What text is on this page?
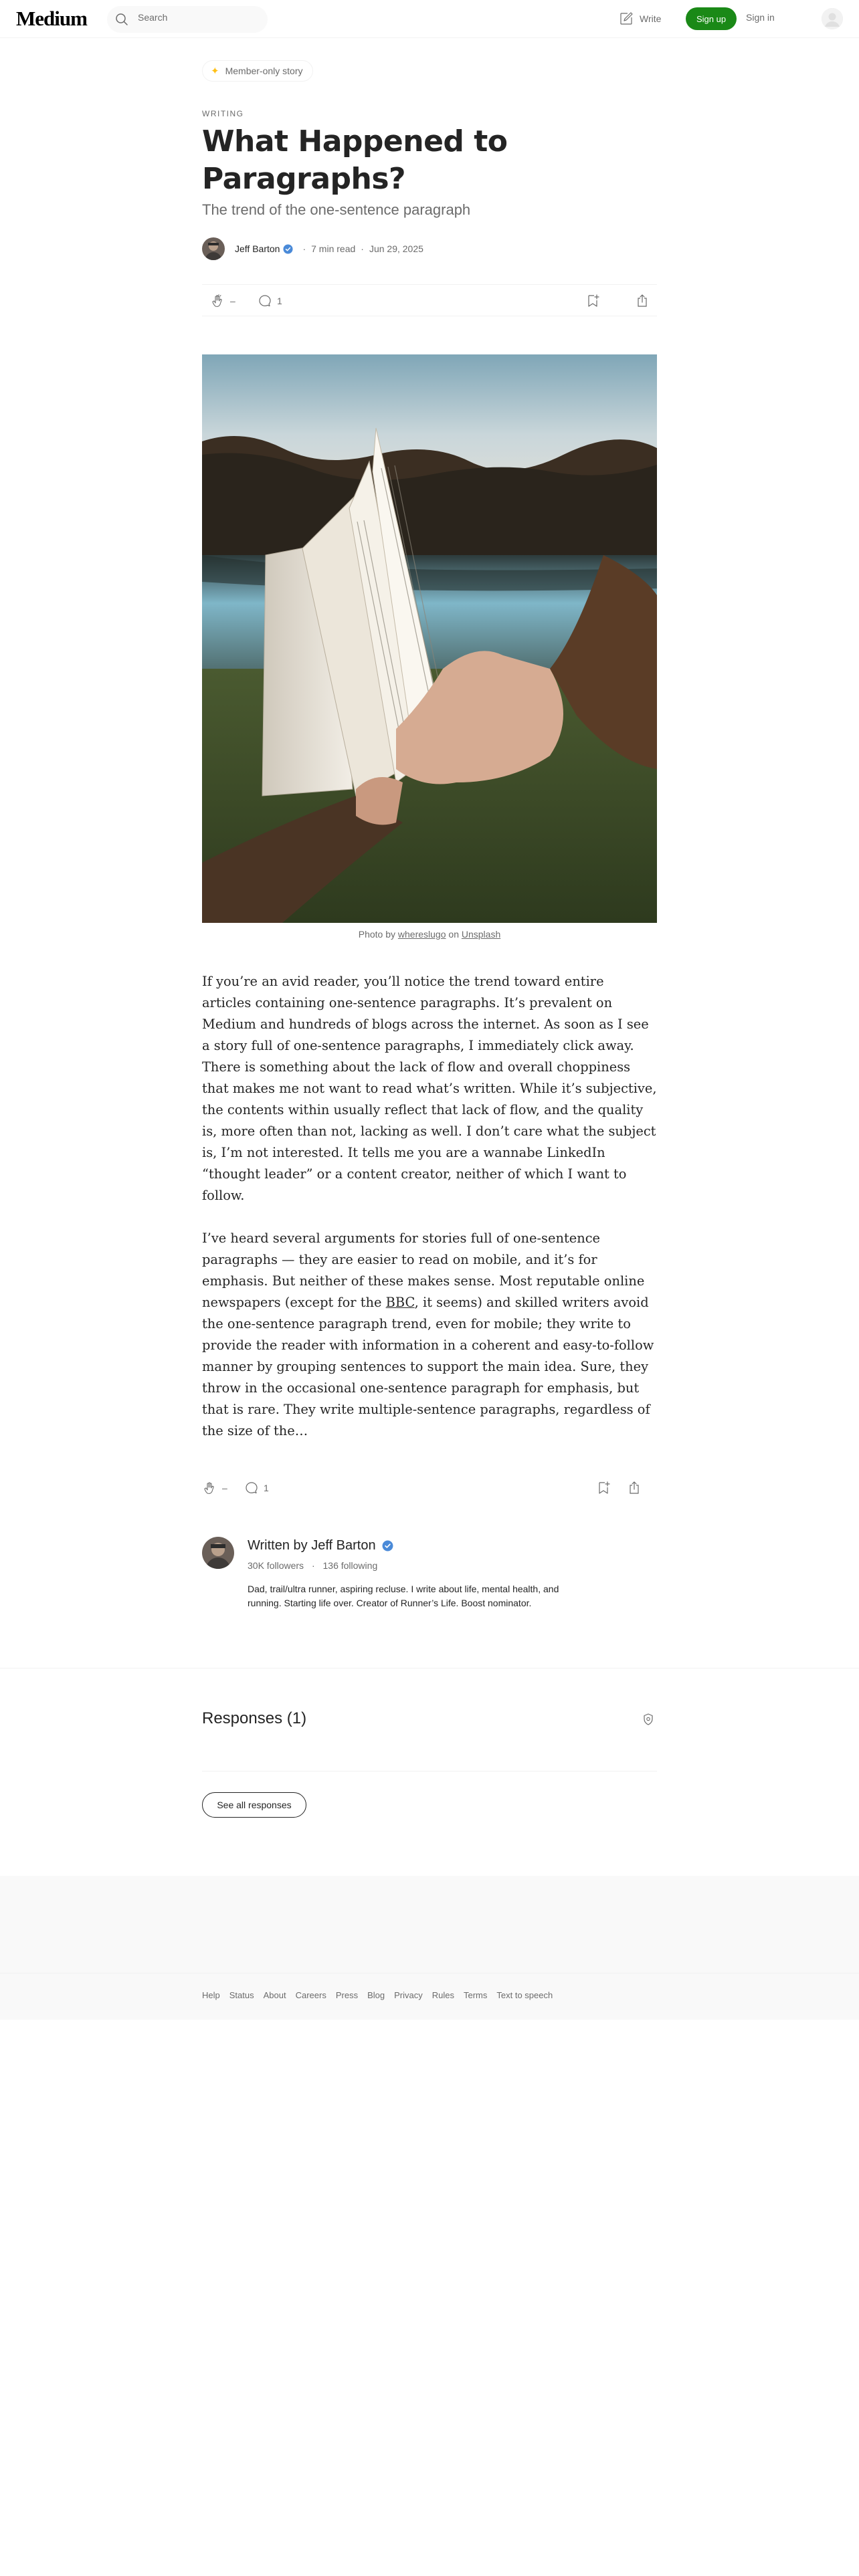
Medium
Search	Write	Sign up	Sign in
✦ Member-only story
WRITING
What Happened to Paragraphs?
The trend of the one-sentence paragraph
Jeff Barton · 7 min read · Jun 29, 2025
–	1
Photo by whereslugo on Unsplash

If you’re an avid reader, you’ll notice the trend toward entire articles containing one-sentence paragraphs. It’s prevalent on Medium and hundreds of blogs across the internet. As soon as I see a story full of one-sentence paragraphs, I immediately click away. There is something about the lack of flow and overall choppiness that makes me not want to read what’s written. While it’s subjective, the contents within usually reflect that lack of flow, and the quality is, more often than not, lacking as well. I don’t care what the subject is, I’m not interested. It tells me you are a wannabe LinkedIn “thought leader” or a content creator, neither of which I want to follow.

I’ve heard several arguments for stories full of one-sentence paragraphs — they are easier to read on mobile, and it’s for emphasis. But neither of these makes sense. Most reputable online newspapers (except for the BBC, it seems) and skilled writers avoid the one-sentence paragraph trend, even for mobile; they write to provide the reader with information in a coherent and easy-to-follow manner by grouping sentences to support the main idea. Sure, they throw in the occasional one-sentence paragraph for emphasis, but that is rare. They write multiple-sentence paragraphs, regardless of the size of the…

–	1
Written by Jeff Barton
30K followers · 136 following

Dad, trail/ultra runner, aspiring recluse. I write about life, mental health, and running. Starting life over. Creator of Runner’s Life. Boost nominator.

Responses (1)
See all responses
Help Status About Careers Press Blog Privacy Rules Terms Text to speech
